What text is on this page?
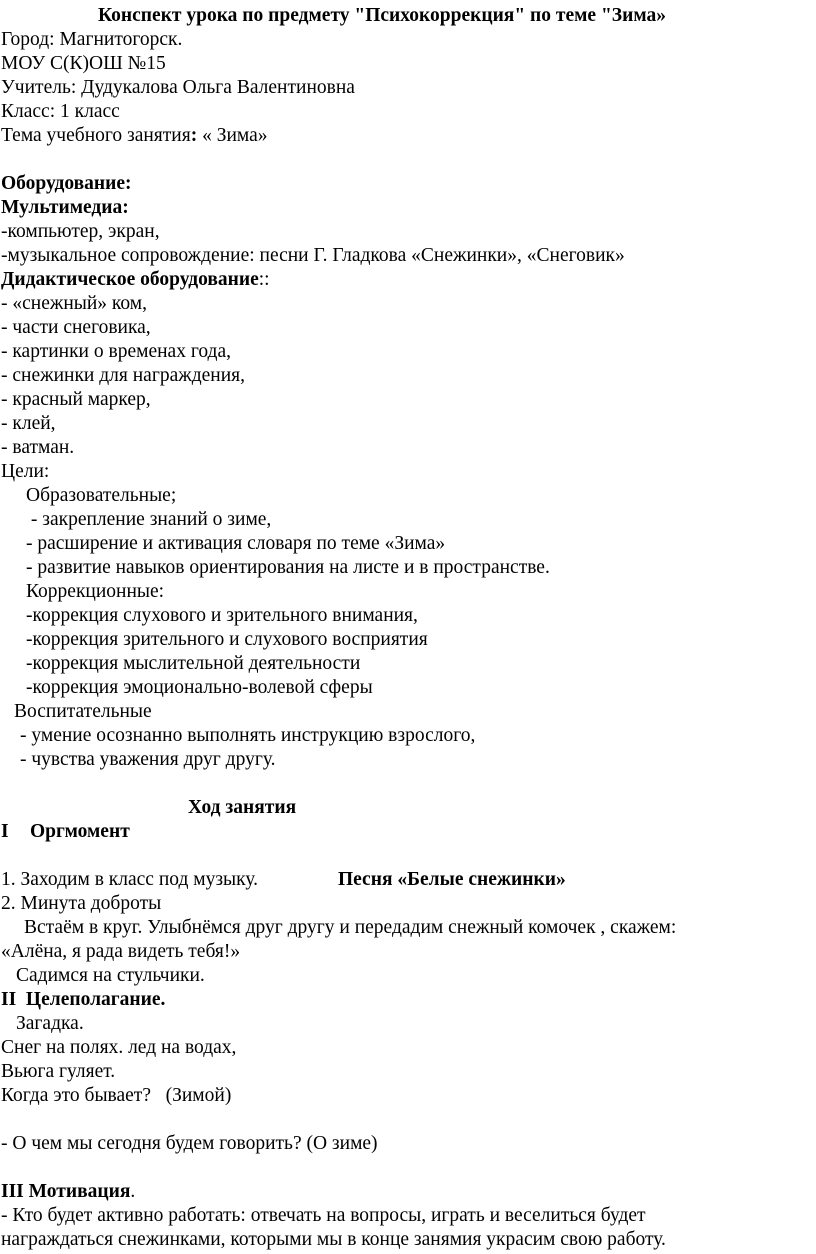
Конспект урока по предмету "Психокоррекция" по теме "Зима»
Город: Магнитогорск.
МОУ С(К)ОШ №15
Учитель: Дудукалова Ольга Валентиновна
Класс: 1 класс
Тема учебного занятия: « Зима»
Оборудование:
Мультимедиа:
-компьютер, экран,
-музыкальное сопровождение: песни Г. Гладкова «Снежинки», «Снеговик»
Дидактическое оборудование::
- «снежный» ком,
- части снеговика,
- картинки о временах года,
- снежинки для награждения,
- красный маркер,
- клей,
- ватман.
Цели:
Образовательные;
- закрепление знаний о зиме,
- расширение и активация словаря по теме «Зима»
- развитие навыков ориентирования на листе и в пространстве.
Коррекционные:
-коррекция слухового и зрительного внимания,
-коррекция зрительного и слухового восприятия
-коррекция мыслительной деятельности
-коррекция эмоционально-волевой сферы
Воспитательные
- умение осознанно выполнять инструкцию взрослого,
- чувства уважения друг другу.
Ход занятия
I Оргмомент
1. Заходим в класс под музыку.	Песня «Белые снежинки»
2. Минута доброты
Встаём в круг. Улыбнёмся друг другу и передадим снежный комочек , скажем:
«Алёна, я рада видеть тебя!»
Садимся на стульчики.
II  Целеполагание.
Загадка.
Снег на полях. лед на водах,
Вьюга гуляет.
Когда это бывает?   (Зимой)
- О чем мы сегодня будем говорить? (О зиме)
III Мотивация.
- Кто будет активно работать: отвечать на вопросы, играть и веселиться будет
награждаться снежинками, которыми мы в конце занямия украсим свою работу.
